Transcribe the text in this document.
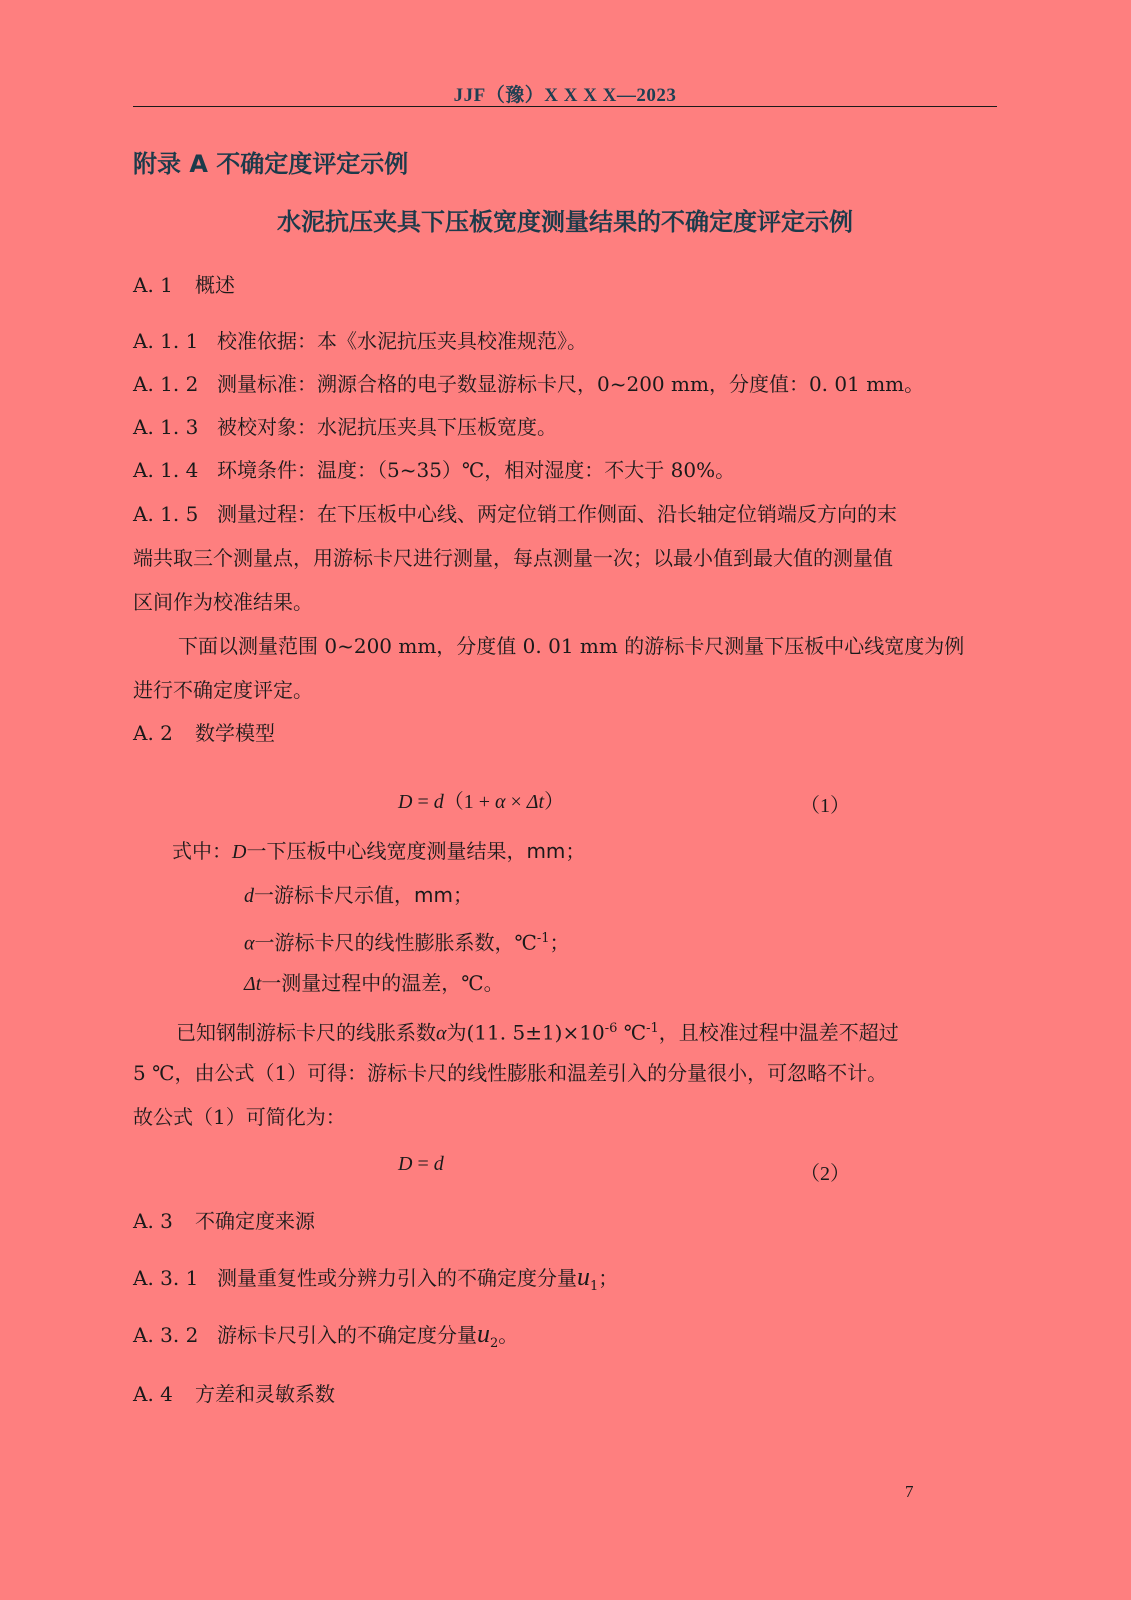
JJF（豫）X X X X—2023
附录 A 不确定度评定示例
水泥抗压夹具下压板宽度测量结果的不确定度评定示例
A. 1 概述
A. 1. 1 校准依据：本《水泥抗压夹具校准规范》。
A. 1. 2 测量标准：溯源合格的电子数显游标卡尺，0~200 mm，分度值：0. 01 mm。
A. 1. 3 被校对象：水泥抗压夹具下压板宽度。
A. 1. 4 环境条件：温度：（5~35）℃，相对湿度：不大于 80%。
A. 1. 5 测量过程：在下压板中心线、两定位销工作侧面、沿长轴定位销端反方向的末
端共取三个测量点，用游标卡尺进行测量，每点测量一次；以最小值到最大值的测量值
区间作为校准结果。
下面以测量范围 0~200 mm，分度值 0. 01 mm 的游标卡尺测量下压板中心线宽度为例
进行不确定度评定。
A. 2 数学模型
D = d（1 + α × Δt）	（1）
式中：D一下压板中心线宽度测量结果，mm；
d一游标卡尺示值，mm；
α一游标卡尺的线性膨胀系数，℃$^{-1}$；
Δt一测量过程中的温差，℃。
已知钢制游标卡尺的线胀系数α为(11. $5\pm 1)\times 10^{-6}$ ℃$^{-1}$，且校准过程中温差不超过
5 ℃，由公式（1）可得：游标卡尺的线性膨胀和温差引入的分量很小，可忽略不计。
故公式（1）可简化为：
D = d	（2）
A. 3 不确定度来源
A. 3. 1 测量重复性或分辨力引入的不确定度分量$u_1$；
A. 3. 2 游标卡尺引入的不确定度分量$u_2$。
A. 4 方差和灵敏系数
7
